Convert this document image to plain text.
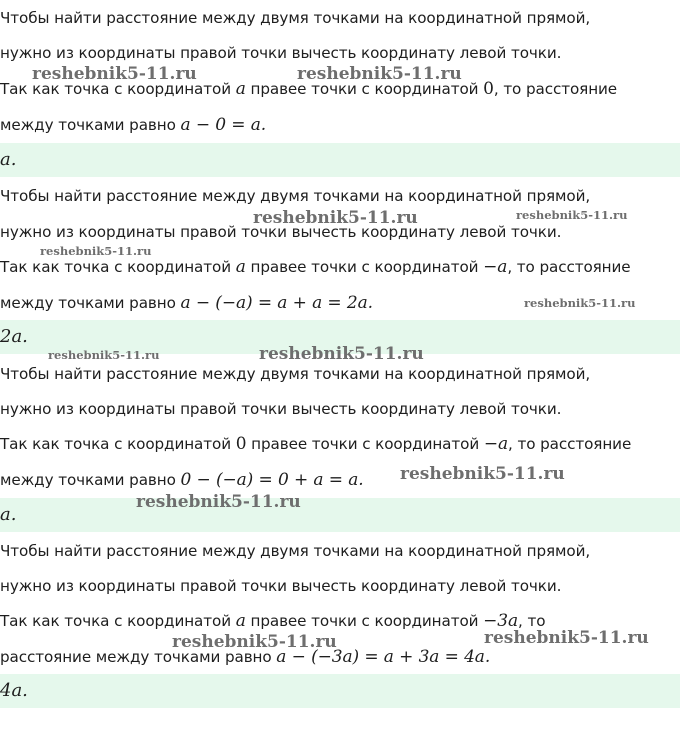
Чтобы найти расстояние между двумя точками на координатной прямой,
нужно из координаты правой точки вычесть координату левой точки.
Так как точка с координатой a правее точки с координатой 0, то расстояние
между точками равно a − 0 = a.
a.
Чтобы найти расстояние между двумя точками на координатной прямой,
нужно из координаты правой точки вычесть координату левой точки.
Так как точка с координатой a правее точки с координатой −a, то расстояние
между точками равно a − (−a) = a + a = 2a.
2a.
Чтобы найти расстояние между двумя точками на координатной прямой,
нужно из координаты правой точки вычесть координату левой точки.
Так как точка с координатой 0 правее точки с координатой −a, то расстояние
между точками равно 0 − (−a) = 0 + a = a.
a.
Чтобы найти расстояние между двумя точками на координатной прямой,
нужно из координаты правой точки вычесть координату левой точки.
Так как точка с координатой a правее точки с координатой −3a, то
расстояние между точками равно a − (−3a) = a + 3a = 4a.
4a.
reshebnik5-11.ru	reshebnik5-11.ru
reshebnik5-11.ru	reshebnik5-11.ru
reshebnik5-11.ru
reshebnik5-11.ru
reshebnik5-11.ru	reshebnik5-11.ru
reshebnik5-11.ru
reshebnik5-11.ru
reshebnik5-11.ru	reshebnik5-11.ru
